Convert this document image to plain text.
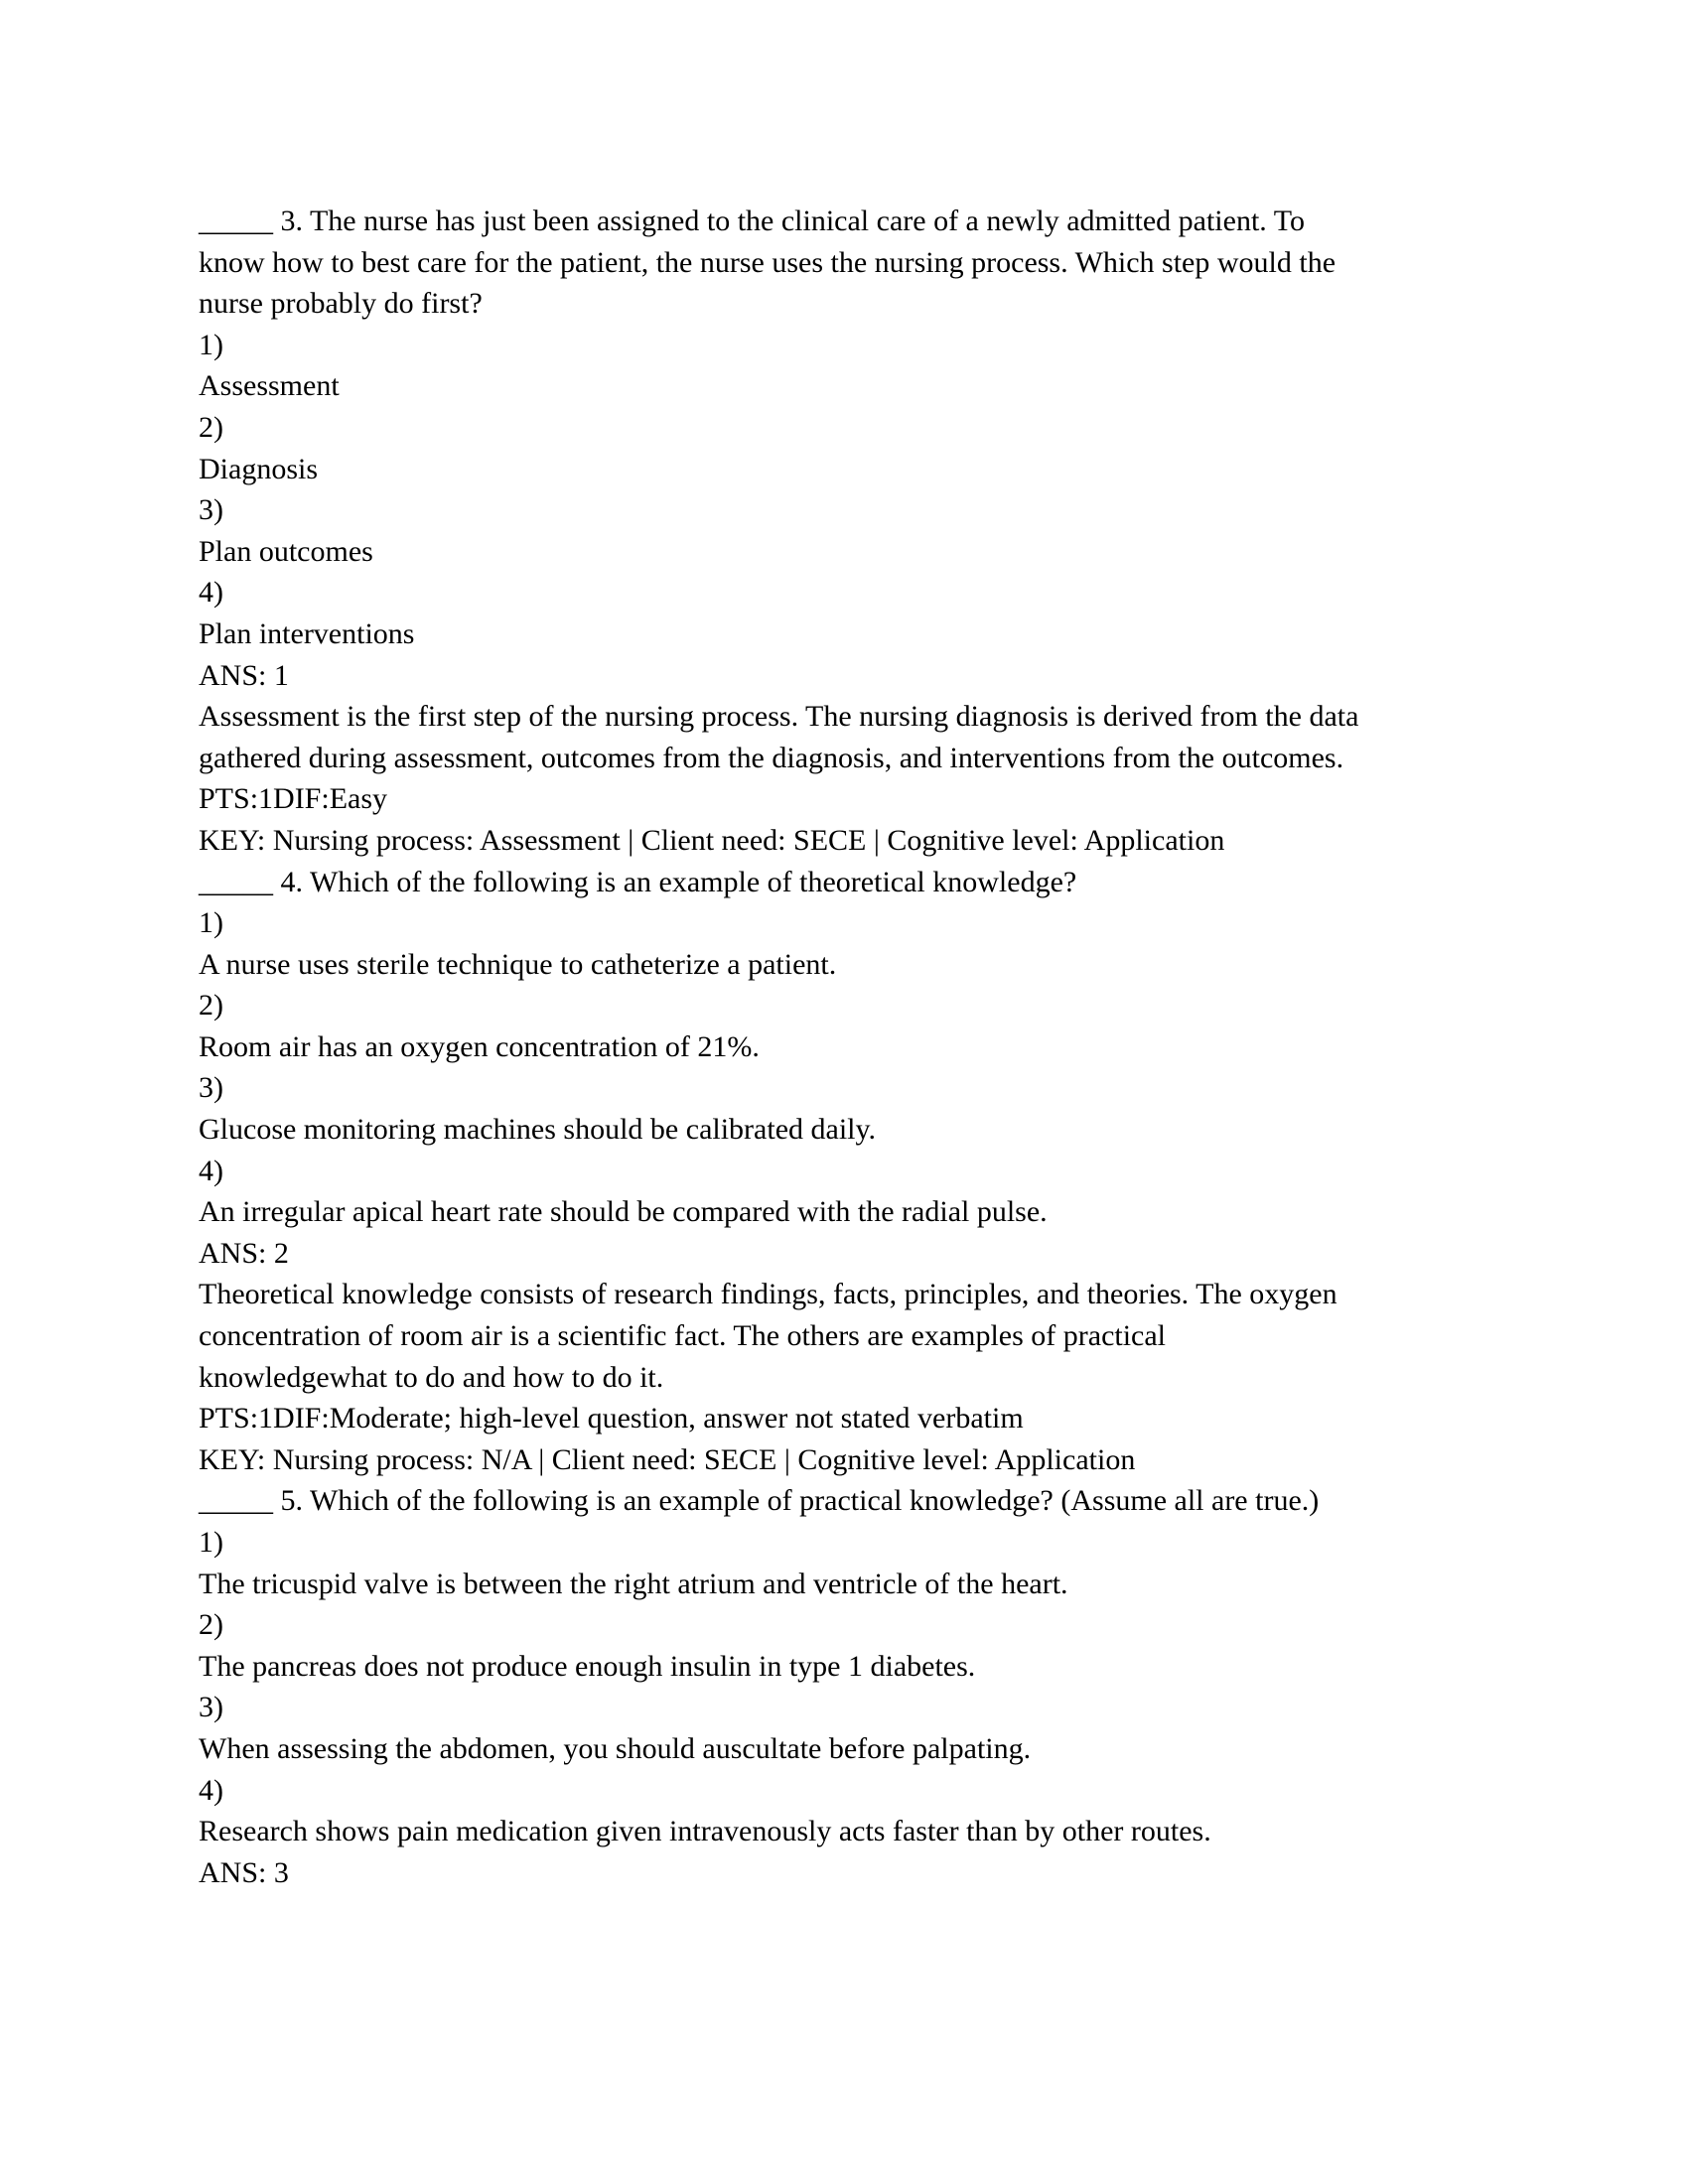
_____ 3. The nurse has just been assigned to the clinical care of a newly admitted patient. To
know how to best care for the patient, the nurse uses the nursing process. Which step would the
nurse probably do first?
1)
Assessment
2)
Diagnosis
3)
Plan outcomes
4)
Plan interventions
ANS: 1
Assessment is the first step of the nursing process. The nursing diagnosis is derived from the data
gathered during assessment, outcomes from the diagnosis, and interventions from the outcomes.
PTS:1DIF:Easy
KEY: Nursing process: Assessment | Client need: SECE | Cognitive level: Application
_____ 4. Which of the following is an example of theoretical knowledge?
1)
A nurse uses sterile technique to catheterize a patient.
2)
Room air has an oxygen concentration of 21%.
3)
Glucose monitoring machines should be calibrated daily.
4)
An irregular apical heart rate should be compared with the radial pulse.
ANS: 2
Theoretical knowledge consists of research findings, facts, principles, and theories. The oxygen
concentration of room air is a scientific fact. The others are examples of practical
knowledgewhat to do and how to do it.
PTS:1DIF:Moderate; high-level question, answer not stated verbatim
KEY: Nursing process: N/A | Client need: SECE | Cognitive level: Application
_____ 5. Which of the following is an example of practical knowledge? (Assume all are true.)
1)
The tricuspid valve is between the right atrium and ventricle of the heart.
2)
The pancreas does not produce enough insulin in type 1 diabetes.
3)
When assessing the abdomen, you should auscultate before palpating.
4)
Research shows pain medication given intravenously acts faster than by other routes.
ANS: 3
